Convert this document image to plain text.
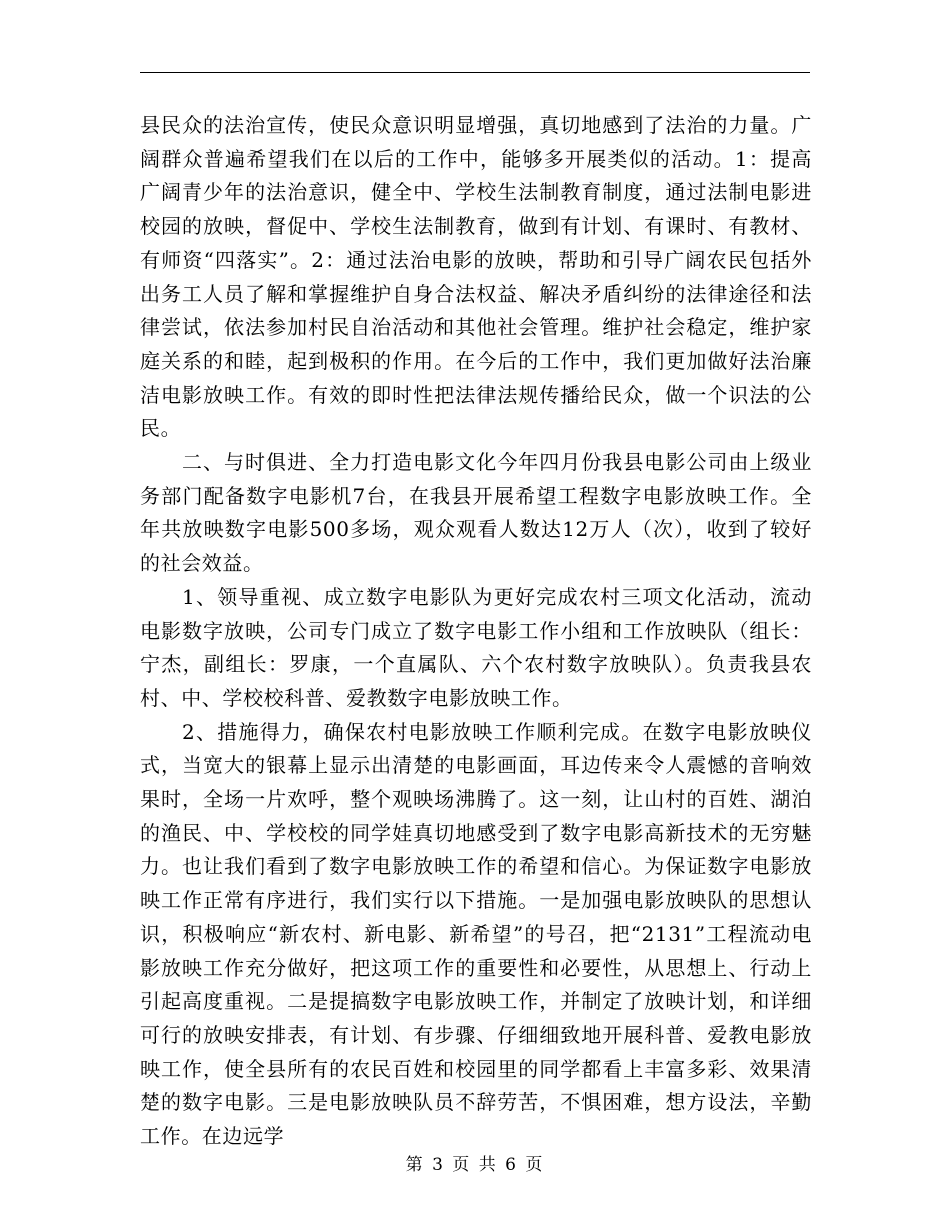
县民众的法治宣传，使民众意识明显增强，真切地感到了法治的力量。广阔群众普遍希望我们在以后的工作中，能够多开展类似的活动。1：提高广阔青少年的法治意识，健全中、学校生法制教育制度，通过法制电影进校园的放映，督促中、学校生法制教育，做到有计划、有课时、有教材、有师资“四落实”。2：通过法治电影的放映，帮助和引导广阔农民包括外出务工人员了解和掌握维护自身合法权益、解决矛盾纠纷的法律途径和法律尝试，依法参加村民自治活动和其他社会管理。维护社会稳定，维护家庭关系的和睦，起到极积的作用。在今后的工作中，我们更加做好法治廉洁电影放映工作。有效的即时性把法律法规传播给民众，做一个识法的公民。

二、与时俱进、全力打造电影文化今年四月份我县电影公司由上级业务部门配备数字电影机7台，在我县开展希望工程数字电影放映工作。全年共放映数字电影500多场，观众观看人数达12万人（次），收到了较好的社会效益。

1、领导重视、成立数字电影队为更好完成农村三项文化活动，流动电影数字放映，公司专门成立了数字电影工作小组和工作放映队（组长：宁杰，副组长：罗康，一个直属队、六个农村数字放映队）。负责我县农村、中、学校校科普、爱教数字电影放映工作。

2、措施得力，确保农村电影放映工作顺利完成。在数字电影放映仪式，当宽大的银幕上显示出清楚的电影画面，耳边传来令人震憾的音响效果时，全场一片欢呼，整个观映场沸腾了。这一刻，让山村的百姓、湖泊的渔民、中、学校校的同学娃真切地感受到了数字电影高新技术的无穷魅力。也让我们看到了数字电影放映工作的希望和信心。为保证数字电影放映工作正常有序进行，我们实行以下措施。一是加强电影放映队的思想认识，积极响应“新农村、新电影、新希望”的号召，把“2131”工程流动电影放映工作充分做好，把这项工作的重要性和必要性，从思想上、行动上引起高度重视。二是提搞数字电影放映工作，并制定了放映计划，和详细可行的放映安排表，有计划、有步骤、仔细细致地开展科普、爱教电影放映工作，使全县所有的农民百姓和校园里的同学都看上丰富多彩、效果清楚的数字电影。三是电影放映队员不辞劳苦，不惧困难，想方设法，辛勤工作。在边远学

第 3 页 共 6 页
